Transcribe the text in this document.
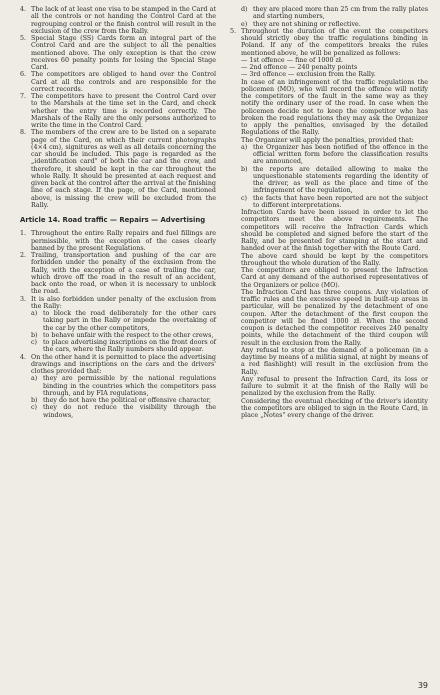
4. The lack of at least one visa to be stamped in the Card at all the controls or not handing the Control Card at the regrouping control or the finish control will result in the exclusion of the crew from the Rally.
5. Special Stage (SS) Cards form an integral part of the Control Card and are the subject to all the penalties mentioned above. The only exception is that the crew receives 60 penalty points for losing the Special Stage Card.
6. The competitors are obliged to hand over the Control Card at all the controls and are responsible for the correct records.
7. The competitors have to present the Control Card over to the Marshals at the time set in the Card, and check whether the entry time is recorded correctly. The Marshals of the Rally are the only persons authorized to write the time in the Control Card.
8. The members of the crew are to be listed on a separate page of the Card, on which their current photographs (4×4 cm), signitures as well as all details concerning the car should be included. This page is regarded as the „identification card" of both the car and the crew, and therefore, it should be kept in the car throughout the whole Rally. It should be presented at each request and given back at the control after the arrival at the finishing line of each stage. If the page, of the Card, mentioned above, is missing the crew will be excluded from the Rally.
Article 14. Road traffic — Repairs — Advertising
1. Throughout the entire Rally repairs and fuel fillings are permissible, with the exception of the cases clearly banned by the present Regulations.
2. Trailing, transportation and pushing of the car are forbidden under the penalty of the exclusion from the Rally, with the exception of a case of trailing the car, which drove off the road in the result of an accident, back onto the road, or when it is necessary to unblock the road.
3. It is also forbidden under penalty of the exclusion from the Rally:
a) to block the road deliberately for the other cars taking part in the Rally or impede the overtaking of the car by the other competitors,
b) to behave unfair with the respect to the other crews,
c) to place advertising inscriptions on the front doors of the cars, where the Rally numbers should appear.
4. On the other hand it is permitted to place the advertising drawings and inscriptions on the cars and the drivers' clothes provided that:
a) they are permissible by the national regulations binding in the countries which the competitors pass through, and by FIA regulations,
b) they do not have the political or offensive character,
c) they do not reduce the visibility through the windows,
d) they are placed more than 25 cm from the rally plates and starting numbers,
e) they are not shining or reflective.
5. Throughout the duration of the event the competitors should strictly obey the traffic regulations binding in Poland. If any of the competitors breaks the rules mentioned above, he will be penalized as follows:
— 1st offence — fine of 1000 zł.
— 2nd offence — 240 penalty points
— 3rd offence — exclusion from the Rally.
In case of an infringement of the traffic regulations the policemen (MO), who will record the offence will notify the competitors of the fault in the same way as they notify the ordinary user of the road. In case when the policemen decide not to keep the competitor who has broken the road regulations they may ask the Organizer to apply the penalties, envisaged by the detailed Regulations of the Rally.
The Organizer will apply the penalties, provided that:
a) the Organizer has been notified of the offence in the official written form before the classification results are announced,
b) the reports are detailed allowing to make the unquestionable statements regarding the identity of the driver, as well as the place and time of the infringement of the regulation,
c) the facts that have been reported are not the subject to different interpretations.
Infraction Cards have been issued in order to let the competitors meet the above requirements. The competitors will receive the Infraction Cards which should be completed and signed before the start of the Rally, and be presented for stamping at the start and handed over at the finish together with the Route Card.
The above card should be kept by the competitors throughout the whole duration of the Rally.
The competitors are obliged to present the Infraction Card at any demand of the authorised representatives of the Organizers or police (MO).
The Infraction Card has three coupons. Any violation of traffic rules and the excessive speed in built-up areas in particular, will be penalized by the detachment of one coupon. After the detachment of the first coupon the competitor will be fined 1000 zł. When the second coupon is detached the competitor receives 240 penalty points, while the detachment of the third coupon will result in the exclusion from the Rally.
Any refusal to stop at the demand of a policeman (in a daytime by means of a militia signal, at night by means of a red flashlight) will result in the exclusion from the Rally.
Any refusal to present the Infraction Card, its loss or failure to submit it at the finish of the Rally will be penalized by the exclusion from the Rally.
Considering the eventual checking of the driver's identity the competitors are obliged to sign in the Route Card, in place „Notes" every change of the driver.
39
